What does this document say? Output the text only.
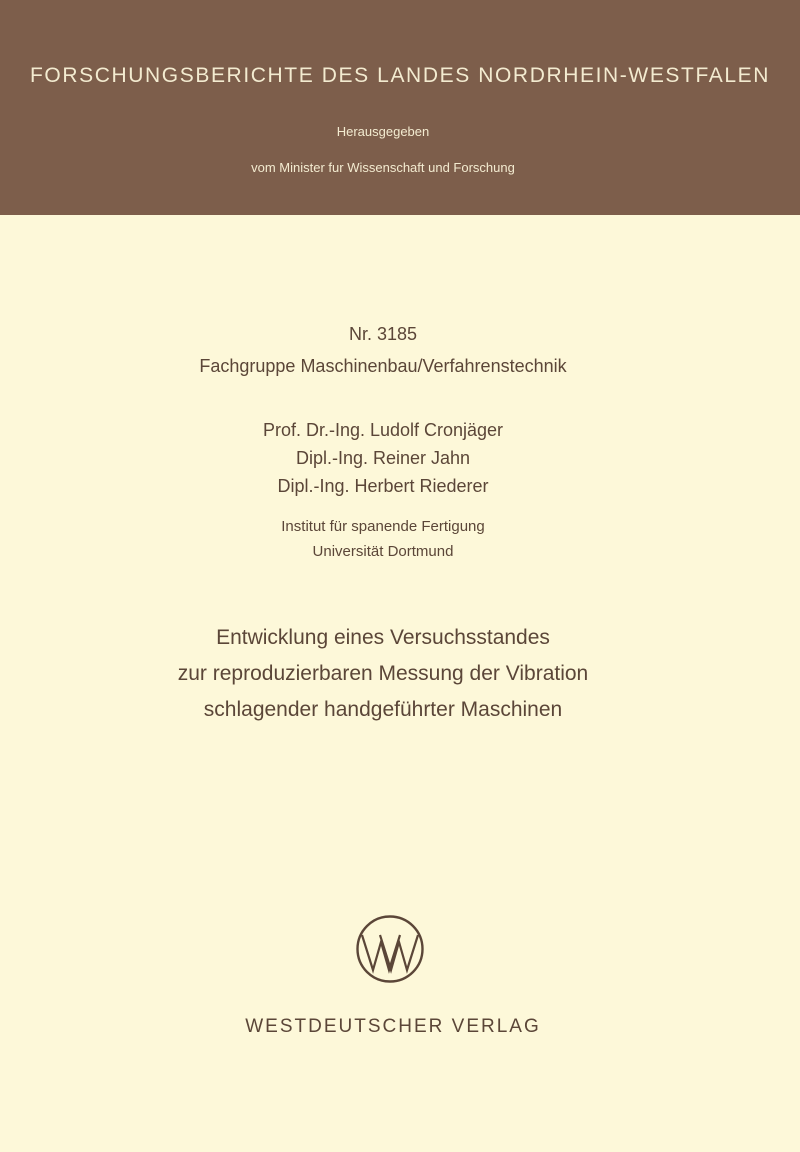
FORSCHUNGSBERICHTE DES LANDES NORDRHEIN-WESTFALEN
Herausgegeben
vom Minister fur Wissenschaft und Forschung
Nr. 3185
Fachgruppe Maschinenbau/Verfahrenstechnik
Prof. Dr.-Ing. Ludolf Cronjäger
Dipl.-Ing. Reiner Jahn
Dipl.-Ing. Herbert Riederer
Institut für spanende Fertigung
Universität Dortmund
Entwicklung eines Versuchsstandes
zur reproduzierbaren Messung der Vibration
schlagender handgeführter Maschinen
WESTDEUTSCHER VERLAG
